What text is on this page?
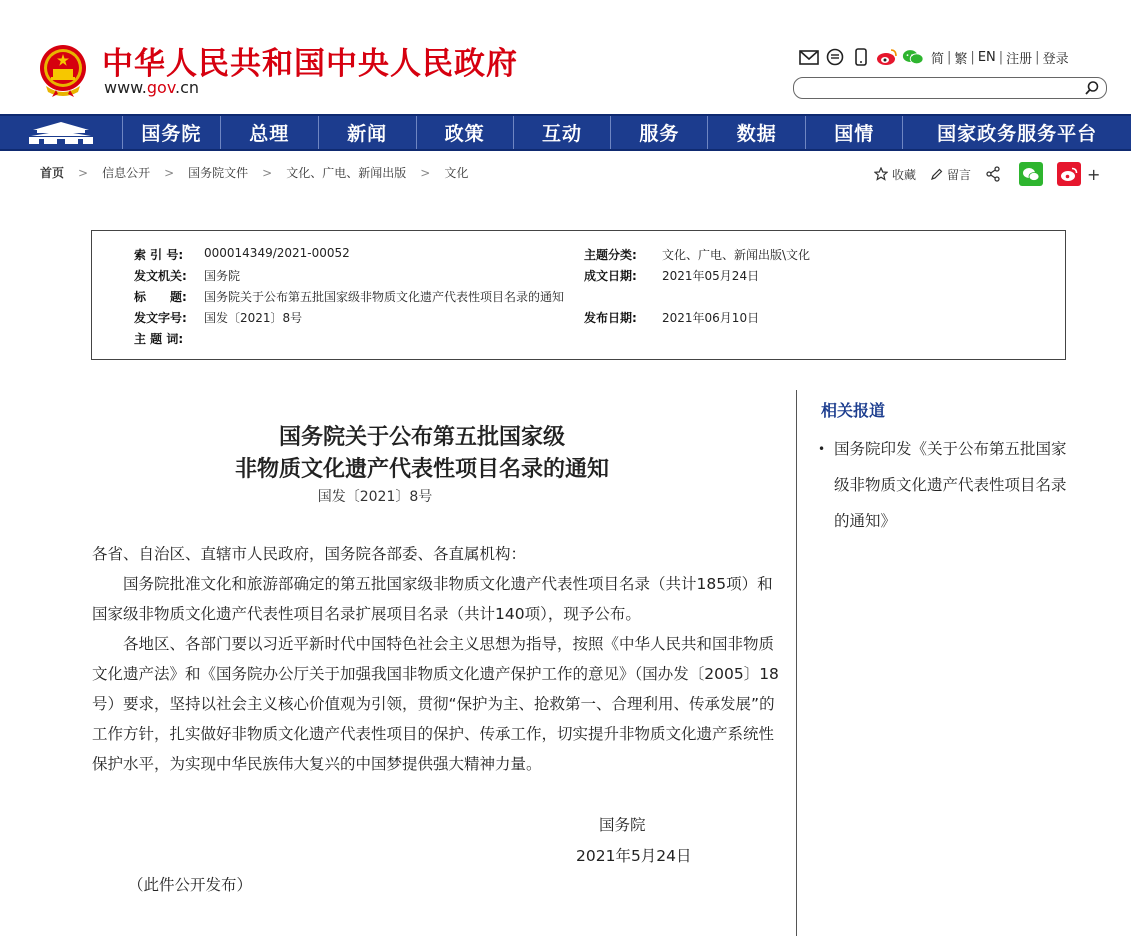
中华人民共和国中央人民政府
www.gov.cn
简 | 繁 | EN | 注册 | 登录
国务院	总理	新闻	政策	互动	服务	数据	国情	国家政务服务平台
首页 > 信息公开 > 国务院文件 > 文化、广电、新闻出版 > 文化	收藏	留言	+
索 引 号:	000014349/2021-00052	主题分类:	文化、广电、新闻出版\文化
发文机关:	国务院	成文日期:	2021年05月24日
标　　题:	国务院关于公布第五批国家级非物质文化遗产代表性项目名录的通知
发文字号:	国发〔2021〕8号	发布日期:	2021年06月10日
主 题 词:
国务院关于公布第五批国家级
非物质文化遗产代表性项目名录的通知
国发〔2021〕8号
各省、自治区、直辖市人民政府，国务院各部委、各直属机构：
国务院批准文化和旅游部确定的第五批国家级非物质文化遗产代表性项目名录（共计185项）和国家级非物质文化遗产代表性项目名录扩展项目名录（共计140项），现予公布。
各地区、各部门要以习近平新时代中国特色社会主义思想为指导，按照《中华人民共和国非物质文化遗产法》和《国务院办公厅关于加强我国非物质文化遗产保护工作的意见》（国办发〔2005〕18号）要求，坚持以社会主义核心价值观为引领，贯彻“保护为主、抢救第一、合理利用、传承发展”的工作方针，扎实做好非物质文化遗产代表性项目的保护、传承工作，切实提升非物质文化遗产系统性保护水平，为实现中华民族伟大复兴的中国梦提供强大精神力量。
国务院
2021年5月24日
（此件公开发布）
相关报道
• 国务院印发《关于公布第五批国家级非物质文化遗产代表性项目名录的通知》
